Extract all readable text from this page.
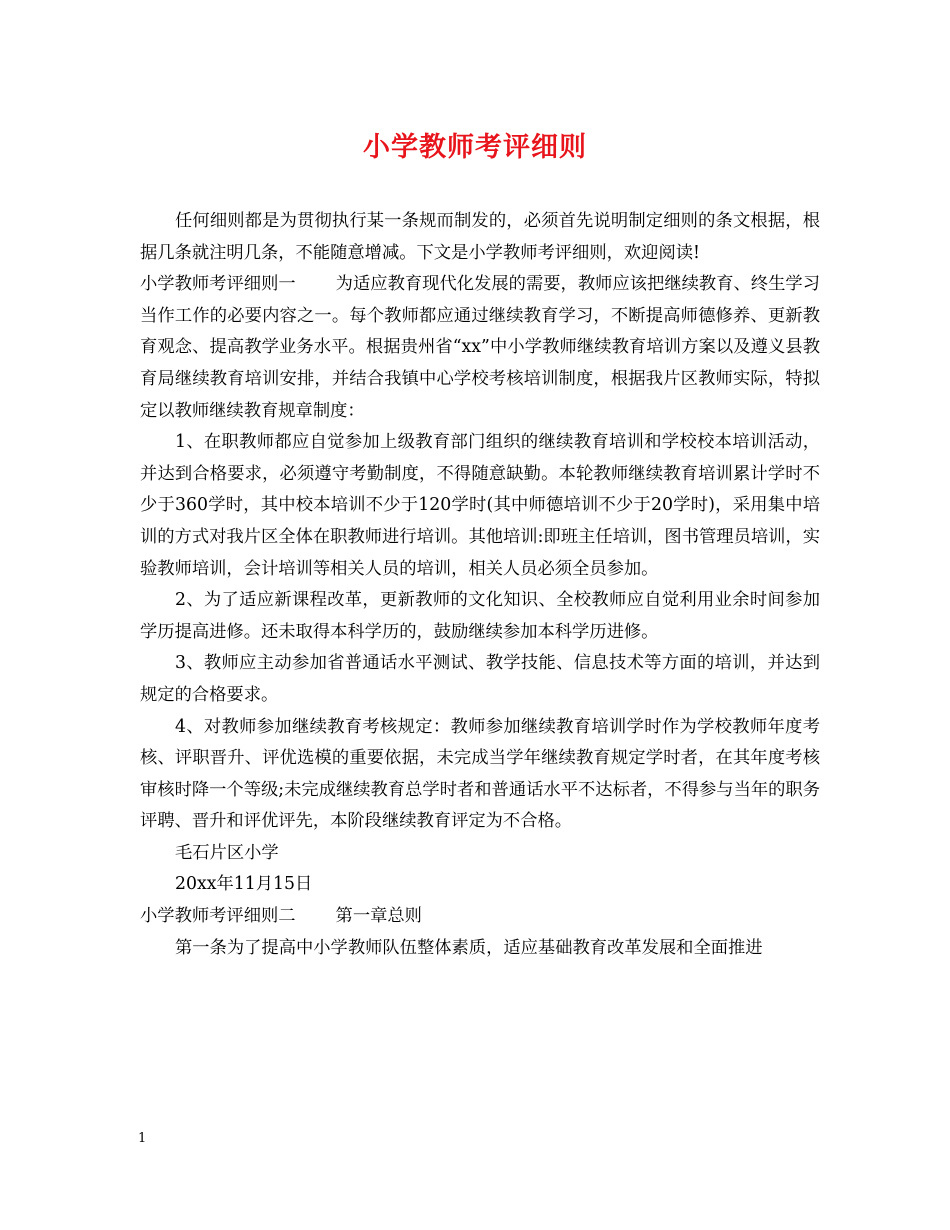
小学教师考评细则

任何细则都是为贯彻执行某一条规而制发的，必须首先说明制定细则的条文根据，根据几条就注明几条，不能随意增减。下文是小学教师考评细则，欢迎阅读!

小学教师考评细则一 为适应教育现代化发展的需要，教师应该把继续教育、终生学习当作工作的必要内容之一。每个教师都应通过继续教育学习，不断提高师德修养、更新教育观念、提高教学业务水平。根据贵州省“xx”中小学教师继续教育培训方案以及遵义县教育局继续教育培训安排，并结合我镇中心学校考核培训制度，根据我片区教师实际，特拟定以教师继续教育规章制度：

1、在职教师都应自觉参加上级教育部门组织的继续教育培训和学校校本培训活动，并达到合格要求，必须遵守考勤制度，不得随意缺勤。本轮教师继续教育培训累计学时不少于360学时，其中校本培训不少于120学时(其中师德培训不少于20学时)，采用集中培训的方式对我片区全体在职教师进行培训。其他培训:即班主任培训，图书管理员培训，实验教师培训，会计培训等相关人员的培训，相关人员必须全员参加。

2、为了适应新课程改革，更新教师的文化知识、全校教师应自觉利用业余时间参加学历提高进修。还未取得本科学历的，鼓励继续参加本科学历进修。

3、教师应主动参加省普通话水平测试、教学技能、信息技术等方面的培训，并达到规定的合格要求。

4、对教师参加继续教育考核规定：教师参加继续教育培训学时作为学校教师年度考核、评职晋升、评优选模的重要依据，未完成当学年继续教育规定学时者，在其年度考核审核时降一个等级;未完成继续教育总学时者和普通话水平不达标者，不得参与当年的职务评聘、晋升和评优评先，本阶段继续教育评定为不合格。

毛石片区小学

20xx年11月15日

小学教师考评细则二 第一章总则

第一条为了提高中小学教师队伍整体素质，适应基础教育改革发展和全面推进

1
